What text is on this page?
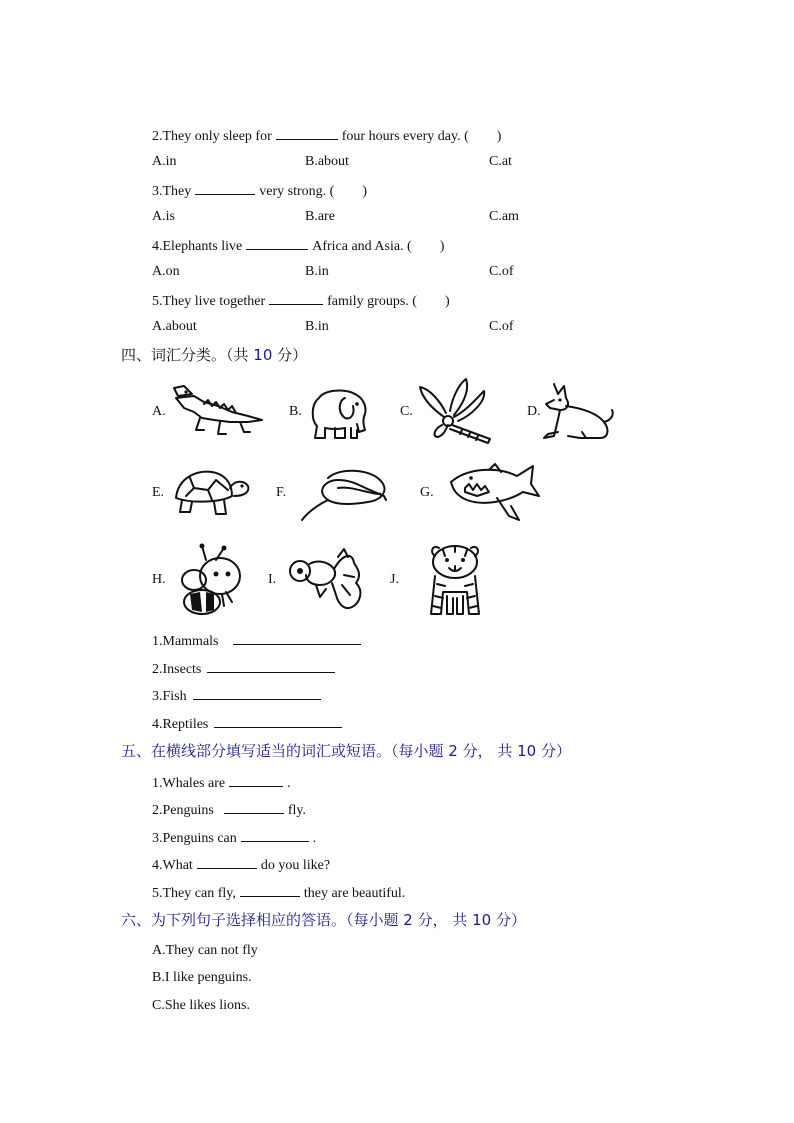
2.They only sleep for	four hours every day. ( )
A.in	B.about	C.at
3.They	very strong. ( )
A.is	B.are	C.am
4.Elephants live	Africa and Asia. ( )
A.on	B.in	C.of
5.They live together	family groups. ( )
A.about	B.in	C.of
四、词汇分类。（共 10 分）
A.	B.	C.	D.
E.	F.	G.
H.	I.	J.
1.Mammals
2.Insects
3.Fish
4.Reptiles
五、在横线部分填写适当的词汇或短语。（每小题 2 分， 共 10 分）
1.Whales are	.
2.Penguins	fly.
3.Penguins can	.
4.What	do you like?
5.They can fly,	they are beautiful.
六、为下列句子选择相应的答语。（每小题 2 分， 共 10 分）
A.They can not fly
B.I like penguins.
C.She likes lions.
